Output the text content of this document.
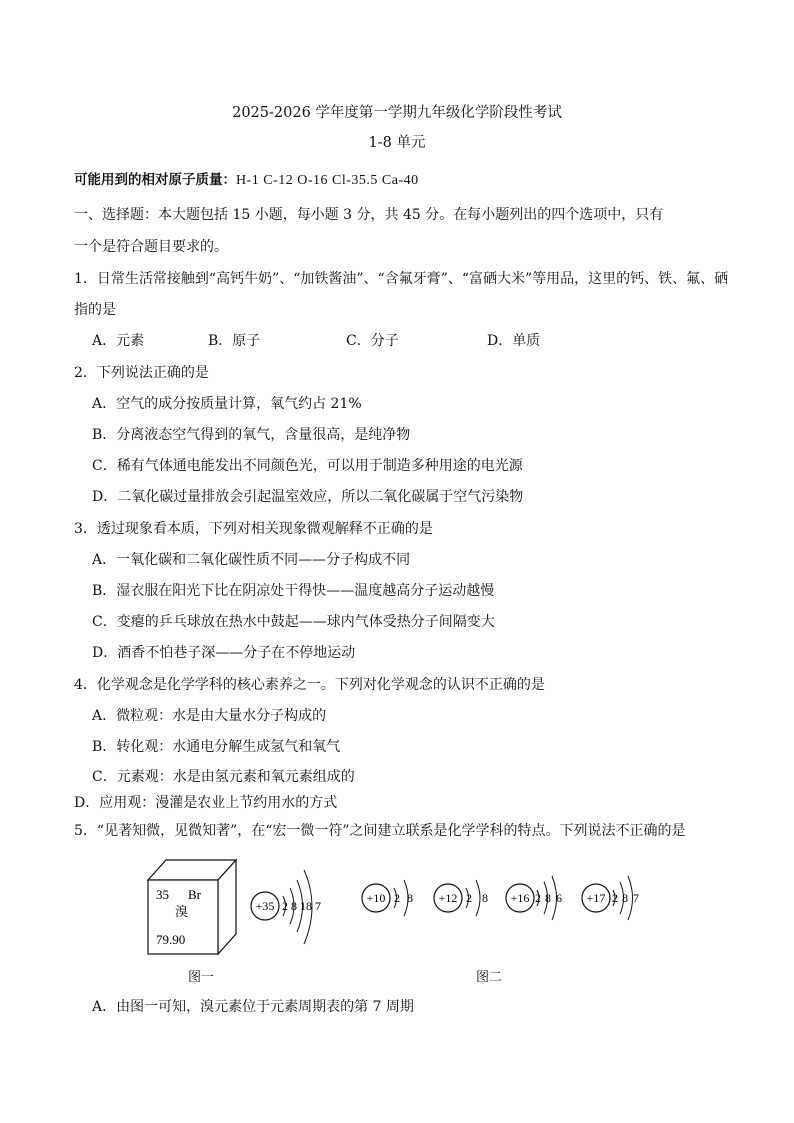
2025-2026 学年度第一学期九年级化学阶段性考试
1-8 单元
可能用到的相对原子质量：H-1 C-12 O-16 Cl-35.5 Ca-40
一、选择题：本大题包括 15 小题，每小题 3 分，共 45 分。在每小题列出的四个选项中，只有
一个是符合题目要求的。
1．日常生活常接触到“高钙牛奶”、“加铁酱油”、“含氟牙膏”、“富硒大米”等用品，这里的钙、铁、氟、硒
指的是
A．元素	B．原子	C．分子	D．单质
2．下列说法正确的是
A．空气的成分按质量计算，氧气约占 21%
B．分离液态空气得到的氧气，含量很高，是纯净物
C．稀有气体通电能发出不同颜色光，可以用于制造多种用途的电光源
D．二氧化碳过量排放会引起温室效应，所以二氧化碳属于空气污染物
3．透过现象看本质，下列对相关现象微观解释不正确的是
A．一氧化碳和二氧化碳性质不同——分子构成不同
B．湿衣服在阳光下比在阴凉处干得快——温度越高分子运动越慢
C．变瘪的乒乓球放在热水中鼓起——球内气体受热分子间隔变大
D．酒香不怕巷子深——分子在不停地运动
4．化学观念是化学学科的核心素养之一。下列对化学观念的认识不正确的是
A．微粒观：水是由大量水分子构成的
B．转化观：水通电分解生成氢气和氧气
C．元素观：水是由氢元素和氧元素组成的
D．应用观：漫灌是农业上节约用水的方式
5．“见著知微，见微知著”，在“宏一微一符”之间建立联系是化学学科的特点。下列说法不正确的是
35 Br
溴
79.90
+35 2 8 18 7
图一
+10 2 8 +12 2 8 +16 2 8 6 +17 2 8 7
图二
A．由图一可知，溴元素位于元素周期表的第 7 周期
